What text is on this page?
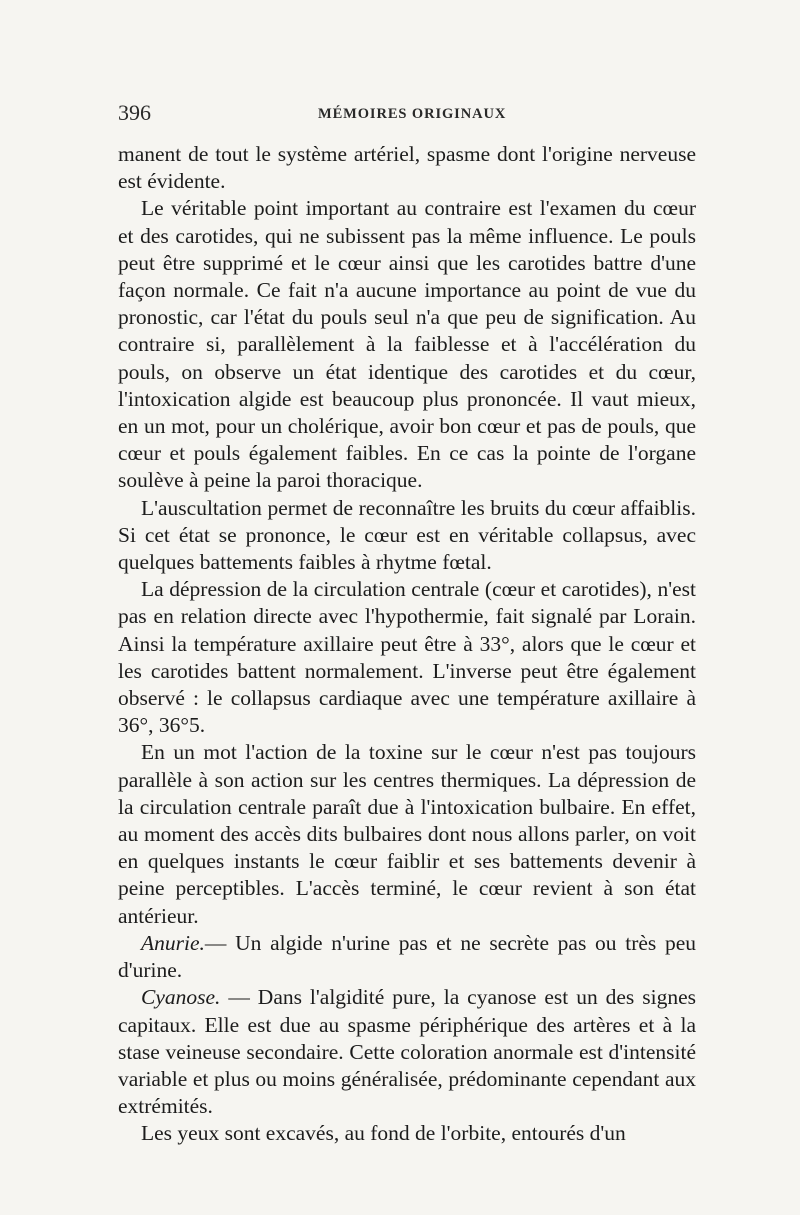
396	MÉMOIRES ORIGINAUX

manent de tout le système artériel, spasme dont l'origine nerveuse est évidente.

Le véritable point important au contraire est l'examen du cœur et des carotides, qui ne subissent pas la même influence. Le pouls peut être supprimé et le cœur ainsi que les carotides battre d'une façon normale. Ce fait n'a aucune importance au point de vue du pronostic, car l'état du pouls seul n'a que peu de signification. Au contraire si, parallèlement à la faiblesse et à l'accélération du pouls, on observe un état identique des carotides et du cœur, l'intoxication algide est beaucoup plus prononcée. Il vaut mieux, en un mot, pour un cholérique, avoir bon cœur et pas de pouls, que cœur et pouls également faibles. En ce cas la pointe de l'organe soulève à peine la paroi thoracique.

L'auscultation permet de reconnaître les bruits du cœur affaiblis. Si cet état se prononce, le cœur est en véritable collapsus, avec quelques battements faibles à rhytme fœtal.

La dépression de la circulation centrale (cœur et carotides), n'est pas en relation directe avec l'hypothermie, fait signalé par Lorain. Ainsi la température axillaire peut être à 33°, alors que le cœur et les carotides battent normalement. L'inverse peut être également observé : le collapsus cardiaque avec une température axillaire à 36°, 36°5.

En un mot l'action de la toxine sur le cœur n'est pas toujours parallèle à son action sur les centres thermiques. La dépression de la circulation centrale paraît due à l'intoxication bulbaire. En effet, au moment des accès dits bulbaires dont nous allons parler, on voit en quelques instants le cœur faiblir et ses battements devenir à peine perceptibles. L'accès terminé, le cœur revient à son état antérieur.

Anurie.— Un algide n'urine pas et ne secrète pas ou très peu d'urine.

Cyanose. — Dans l'algidité pure, la cyanose est un des signes capitaux. Elle est due au spasme périphérique des artères et à la stase veineuse secondaire. Cette coloration anormale est d'intensité variable et plus ou moins généralisée, prédominante cependant aux extrémités.

Les yeux sont excavés, au fond de l'orbite, entourés d'un
